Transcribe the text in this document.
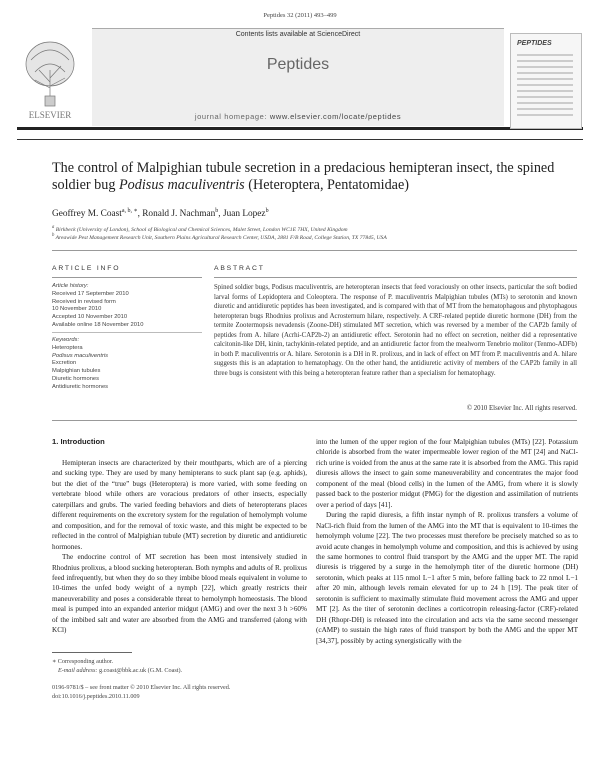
Peptides 32 (2011) 493–499
Contents lists available at ScienceDirect
Peptides
journal homepage: www.elsevier.com/locate/peptides
ELSEVIER
PEPTIDES
The control of Malpighian tubule secretion in a predacious hemipteran insect, the spined soldier bug Podisus maculiventris (Heteroptera, Pentatomidae)
Geoffrey M. Coast$^{a, b, ∗}$, Ronald J. Nachman$^b$, Juan Lopez$^b$
$^a$ Birkbeck (University of London), School of Biological and Chemical Sciences, Malet Street, London WC1E 7HX, United Kingdom
$^b$ Areawide Pest Management Research Unit, Southern Plains Agricultural Research Center, USDA, 2881 F/B Road, College Station, TX 77845, USA
ARTICLE INFO	ABSTRACT
Article history:
Received 17 September 2010
Received in revised form
10 November 2010
Accepted 10 November 2010
Available online 18 November 2010
Keywords:
Heteroptera
Podisus maculiventris
Excretion
Malpighian tubules
Diuretic hormones
Antidiuretic hormones
Spined soldier bugs, Podisus maculiventris, are heteropteran insects that feed voraciously on other insects, particular the soft bodied larval forms of Lepidoptera and Coleoptera. The response of P. maculiventris Malpighian tubules (MTs) to serotonin and known diuretic and antidiuretic peptides has been investigated, and is compared with that of MT from the hematophagous and phytophagous heteropteran bugs Rhodnius prolixus and Acrosternum hilare, respectively. A CRF-related peptide diuretic hormone (DH) from the termite Zootermopsis nevadensis (Zoone-DH) stimulated MT secretion, which was reversed by a member of the CAP2b family of peptides from A. hilare (Acrhi-CAP2b-2) an antidiuretic effect. Serotonin had no effect on secretion, neither did a representative calcitonin-like DH, kinin, tachykinin-related peptide, and an antidiuretic factor from the mealworm Tenebrio molitor (Tenmo-ADFb) in both P. maculiventris or A. hilare. Serotonin is a DH in R. prolixus, and in lack of effect on MT from P. maculiventris and A. hilare suggests this is an adaptation to hematophagy. On the other hand, the antidiuretic activity of members of the CAP2b family in all three bugs is consistent with this being a heteropteran feature rather than a specialism for hematophagy.
© 2010 Elsevier Inc. All rights reserved.
1. Introduction

Hemipteran insects are characterized by their mouthparts, which are of a piercing and sucking type. They are used by many hemipterans to suck plant sap (e.g. aphids), but the diet of the “true” bugs (Heteroptera) is more varied, with some feeding on vertebrate blood while others are voracious predators of other insects, especially caterpillars and grubs. The varied feeding behaviors and diets of heteropterans places different requirements on the excretory system for the regulation of hemolymph volume and composition, and for the removal of toxic waste, and this might be expected to be reflected in the control of Malpighian tubule (MT) secretion by diuretic and antidiuretic hormones.

The endocrine control of MT secretion has been most intensively studied in Rhodnius prolixus, a blood sucking heteropteran. Both nymphs and adults of R. prolixus feed infrequently, but when they do so they imbibe blood meals equivalent in volume to 10-times the unfed body weight of a nymph [22], which greatly restricts their maneuverability and poses a considerable threat to hemolymph homeostasis. The blood meal is pumped into an expanded anterior midgut (AMG) and over the next 3 h >60% of the imbibed salt and water are absorbed from the AMG and transferred (along with KCl)

into the lumen of the upper region of the four Malpighian tubules (MTs) [22]. Potassium chloride is absorbed from the water impermeable lower region of the MT [24] and NaCl-rich urine is voided from the anus at the same rate it is absorbed from the AMG. This rapid diuresis allows the insect to gain some maneuverability and concentrates the major food component of the meal (blood cells) in the lumen of the AMG, from where it is slowly passed back to the posterior midgut (PMG) for the digestion and assimilation of nutrients over a period of days [41].

During the rapid diuresis, a fifth instar nymph of R. prolixus transfers a volume of NaCl-rich fluid from the lumen of the AMG into the MT that is equivalent to 10-times the hemolymph volume [22]. The two processes must therefore be precisely matched so as to avoid acute changes in hemolymph volume and composition, and this is achieved by using the same hormones to control fluid transport by the AMG and the upper MT. The rapid diuresis is triggered by a surge in the hemolymph titer of the diuretic hormone (DH) serotonin, which peaks at 115 nmol L−1 after 5 min, before falling back to 22 nmol L−1 after 20 min, although levels remain elevated for up to 24 h [19]. The peak titer of serotonin is sufficient to maximally stimulate fluid movement across the AMG and upper MT [2]. As the titer of serotonin declines a corticotropin releasing-factor (CRF)-related DH (Rhopr-DH) is released into the circulation and acts via the same second messenger (cAMP) to sustain the high rates of fluid transport by both the AMG and the upper MT [34,37], possibly by acting synergistically with the

∗ Corresponding author.
E-mail address: g.coast@bbk.ac.uk (G.M. Coast).
0196-9781/$ – see front matter © 2010 Elsevier Inc. All rights reserved.
doi:10.1016/j.peptides.2010.11.009
